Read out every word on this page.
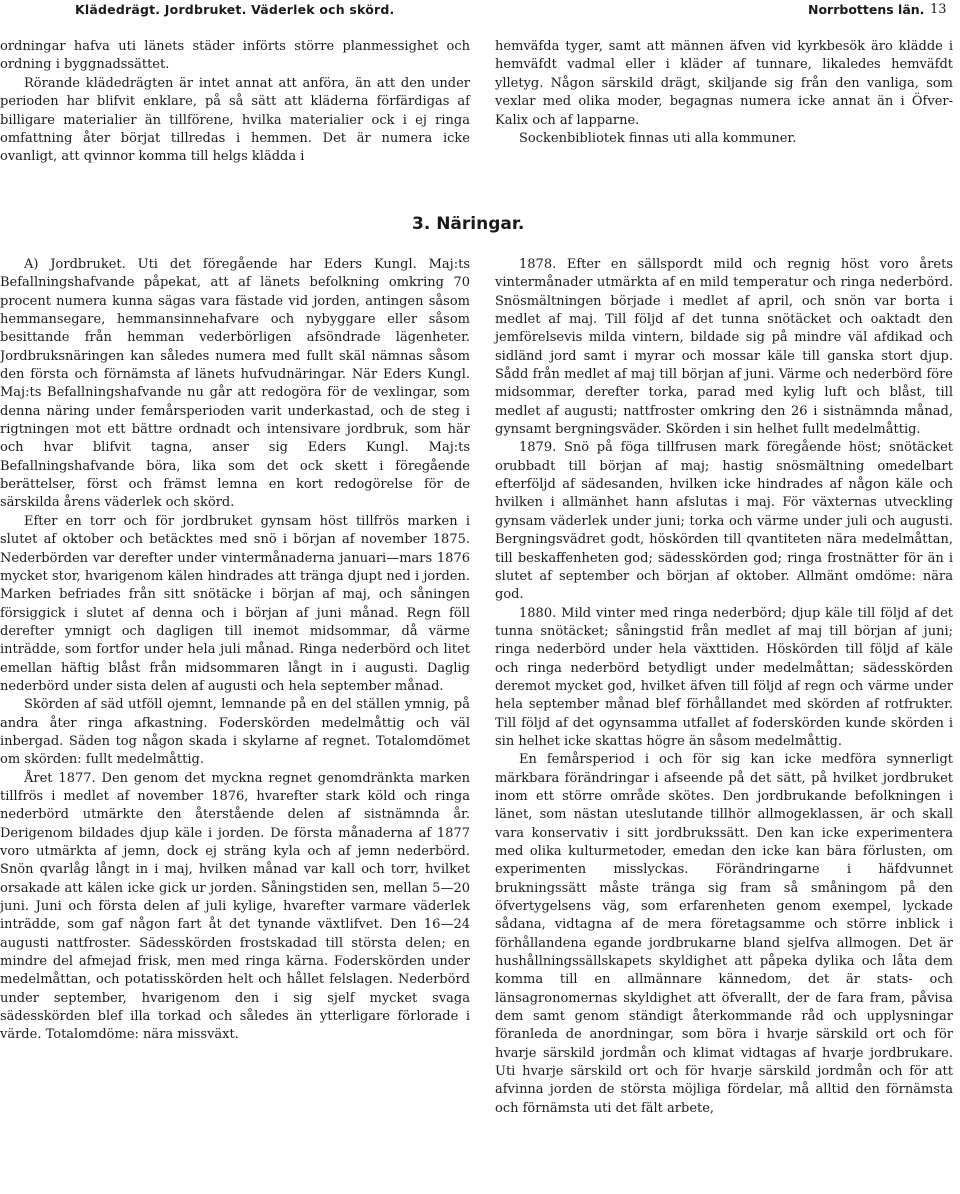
Klädedrägt. Jordbruket. Väderlek och skörd.	Norrbottens län. 13

ordningar hafva uti länets städer införts större planmessighet och ordning i byggnadssättet.

Rörande klädedrägten är intet annat att anföra, än att den under perioden har blifvit enklare, på så sätt att kläderna förfärdigas af billigare materialier än tillförene, hvilka materialier ock i ej ringa omfattning åter börjat tillredas i hemmen. Det är numera icke ovanligt, att qvinnor komma till helgs klädda i

hemväfda tyger, samt att männen äfven vid kyrkbesök äro klädde i hemväfdt vadmal eller i kläder af tunnare, likaledes hemväfdt ylletyg. Någon särskild drägt, skiljande sig från den vanliga, som vexlar med olika moder, begagnas numera icke annat än i Öfver-Kalix och af lapparne.

Sockenbibliotek finnas uti alla kommuner.

3. Näringar.

A) Jordbruket. Uti det föregående har Eders Kungl. Maj:ts Befallningshafvande påpekat, att af länets befolkning omkring 70 procent numera kunna sägas vara fästade vid jorden, antingen såsom hemmansegare, hemmansinnehafvare och nybyggare eller såsom besittande från hemman vederbörligen afsöndrade lägenheter. Jordbruksnäringen kan således numera med fullt skäl nämnas såsom den första och förnämsta af länets hufvudnäringar. När Eders Kungl. Maj:ts Befallningshafvande nu går att redogöra för de vexlingar, som denna näring under femårsperioden varit underkastad, och de steg i rigtningen mot ett bättre ordnadt och intensivare jordbruk, som här och hvar blifvit tagna, anser sig Eders Kungl. Maj:ts Befallningshafvande böra, lika som det ock skett i föregående berättelser, först och främst lemna en kort redogörelse för de särskilda årens väderlek och skörd.

Efter en torr och för jordbruket gynsam höst tillfrös marken i slutet af oktober och betäcktes med snö i början af november 1875. Nederbörden var derefter under vintermånaderna januari—mars 1876 mycket stor, hvarigenom kälen hindrades att tränga djupt ned i jorden. Marken befriades från sitt snötäcke i början af maj, och såningen försiggick i slutet af denna och i början af juni månad. Regn föll derefter ymnigt och dagligen till inemot midsommar, då värme inträdde, som fortfor under hela juli månad. Ringa nederbörd och litet emellan häftig blåst från midsommaren långt in i augusti. Daglig nederbörd under sista delen af augusti och hela september månad.

Skörden af säd utföll ojemnt, lemnande på en del ställen ymnig, på andra åter ringa afkastning. Foderskörden medelmåttig och väl inbergad. Säden tog någon skada i skylarne af regnet. Totalomdömet om skörden: fullt medelmåttig.

Året 1877. Den genom det myckna regnet genomdränkta marken tillfrös i medlet af november 1876, hvarefter stark köld och ringa nederbörd utmärkte den återstående delen af sistnämnda år. Derigenom bildades djup käle i jorden. De första månaderna af 1877 voro utmärkta af jemn, dock ej sträng kyla och af jemn nederbörd. Snön qvarlåg långt in i maj, hvilken månad var kall och torr, hvilket orsakade att kälen icke gick ur jorden. Såningstiden sen, mellan 5—20 juni. Juni och första delen af juli kylige, hvarefter varmare väderlek inträdde, som gaf någon fart åt det tynande växtlifvet. Den 16—24 augusti nattfroster. Sädesskörden frostskadad till största delen; en mindre del afmejad frisk, men med ringa kärna. Foderskörden under medelmåttan, och potatisskörden helt och hållet felslagen. Nederbörd under september, hvarigenom den i sig sjelf mycket svaga sädesskörden blef illa torkad och således än ytterligare förlorade i värde. Totalomdöme: nära missväxt.

1878. Efter en sällspordt mild och regnig höst voro årets vintermånader utmärkta af en mild temperatur och ringa nederbörd. Snösmältningen började i medlet af april, och snön var borta i medlet af maj. Till följd af det tunna snötäcket och oaktadt den jemförelsevis milda vintern, bildade sig på mindre väl afdikad och sidländ jord samt i myrar och mossar käle till ganska stort djup. Sådd från medlet af maj till början af juni. Värme och nederbörd före midsommar, derefter torka, parad med kylig luft och blåst, till medlet af augusti; nattfroster omkring den 26 i sistnämnda månad, gynsamt bergningsväder. Skörden i sin helhet fullt medelmåttig.

1879. Snö på föga tillfrusen mark föregående höst; snötäcket orubbadt till början af maj; hastig snösmältning omedelbart efterföljd af sädesanden, hvilken icke hindrades af någon käle och hvilken i allmänhet hann afslutas i maj. För växternas utveckling gynsam väderlek under juni; torka och värme under juli och augusti. Bergningsvädret godt, höskörden till qvantiteten nära medelmåttan, till beskaffenheten god; sädesskörden god; ringa frostnätter för än i slutet af september och början af oktober. Allmänt omdöme: nära god.

1880. Mild vinter med ringa nederbörd; djup käle till följd af det tunna snötäcket; såningstid från medlet af maj till början af juni; ringa nederbörd under hela växttiden. Höskörden till följd af käle och ringa nederbörd betydligt under medelmåttan; sädesskörden deremot mycket god, hvilket äfven till följd af regn och värme under hela september månad blef förhållandet med skörden af rotfrukter. Till följd af det ogynsamma utfallet af foderskörden kunde skörden i sin helhet icke skattas högre än såsom medelmåttig.

En femårsperiod i och för sig kan icke medföra synnerligt märkbara förändringar i afseende på det sätt, på hvilket jordbruket inom ett större område skötes. Den jordbrukande befolkningen i länet, som nästan uteslutande tillhör allmogeklassen, är och skall vara konservativ i sitt jordbrukssätt. Den kan icke experimentera med olika kulturmetoder, emedan den icke kan bära förlusten, om experimenten misslyckas. Förändringarne i häfdvunnet brukningssätt måste tränga sig fram så småningom på den öfvertygelsens väg, som erfarenheten genom exempel, lyckade sådana, vidtagna af de mera företagsamme och större inblick i förhållandena egande jordbrukarne bland sjelfva allmogen. Det är hushållningssällskapets skyldighet att påpeka dylika och låta dem komma till en allmännare kännedom, det är stats- och länsagronomernas skyldighet att öfverallt, der de fara fram, påvisa dem samt genom ständigt återkommande råd och upplysningar föranleda de anordningar, som böra i hvarje särskild ort och för hvarje särskild jordmån och klimat vidtagas af hvarje jordbrukare. Uti hvarje särskild ort och för hvarje särskild jordmån och för att afvinna jorden de största möjliga fördelar, må alltid den förnämsta och förnämsta uti det fält arbete,
